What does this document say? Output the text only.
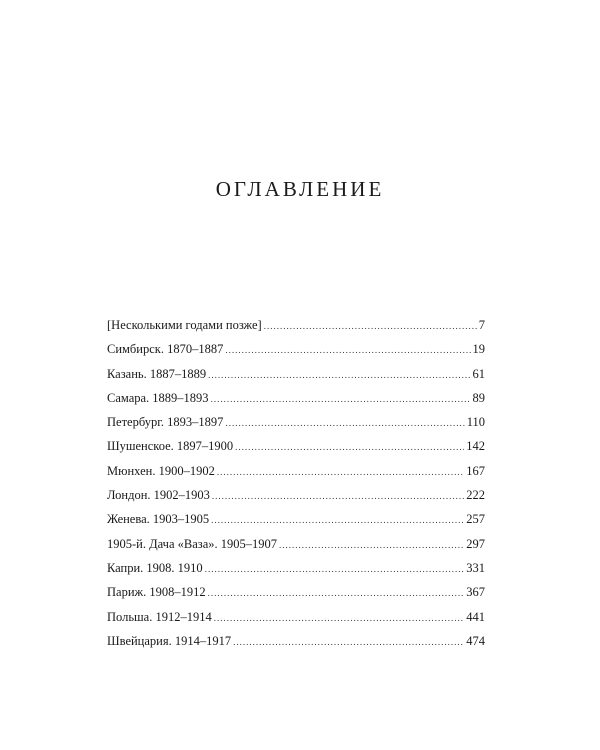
ОГЛАВЛЕНИЕ
[Несколькими годами позже] .....	7
Симбирск. 1870–1887 .....	19
Казань. 1887–1889 .....	61
Самара. 1889–1893 .....	89
Петербург. 1893–1897 .....	110
Шушенское. 1897–1900 .....	142
Мюнхен. 1900–1902 .....	167
Лондон. 1902–1903 .....	222
Женева. 1903–1905 .....	257
1905-й. Дача «Ваза». 1905–1907 .....	297
Капри. 1908. 1910 .....	331
Париж. 1908–1912 .....	367
Польша. 1912–1914 .....	441
Швейцария. 1914–1917 .....	474
